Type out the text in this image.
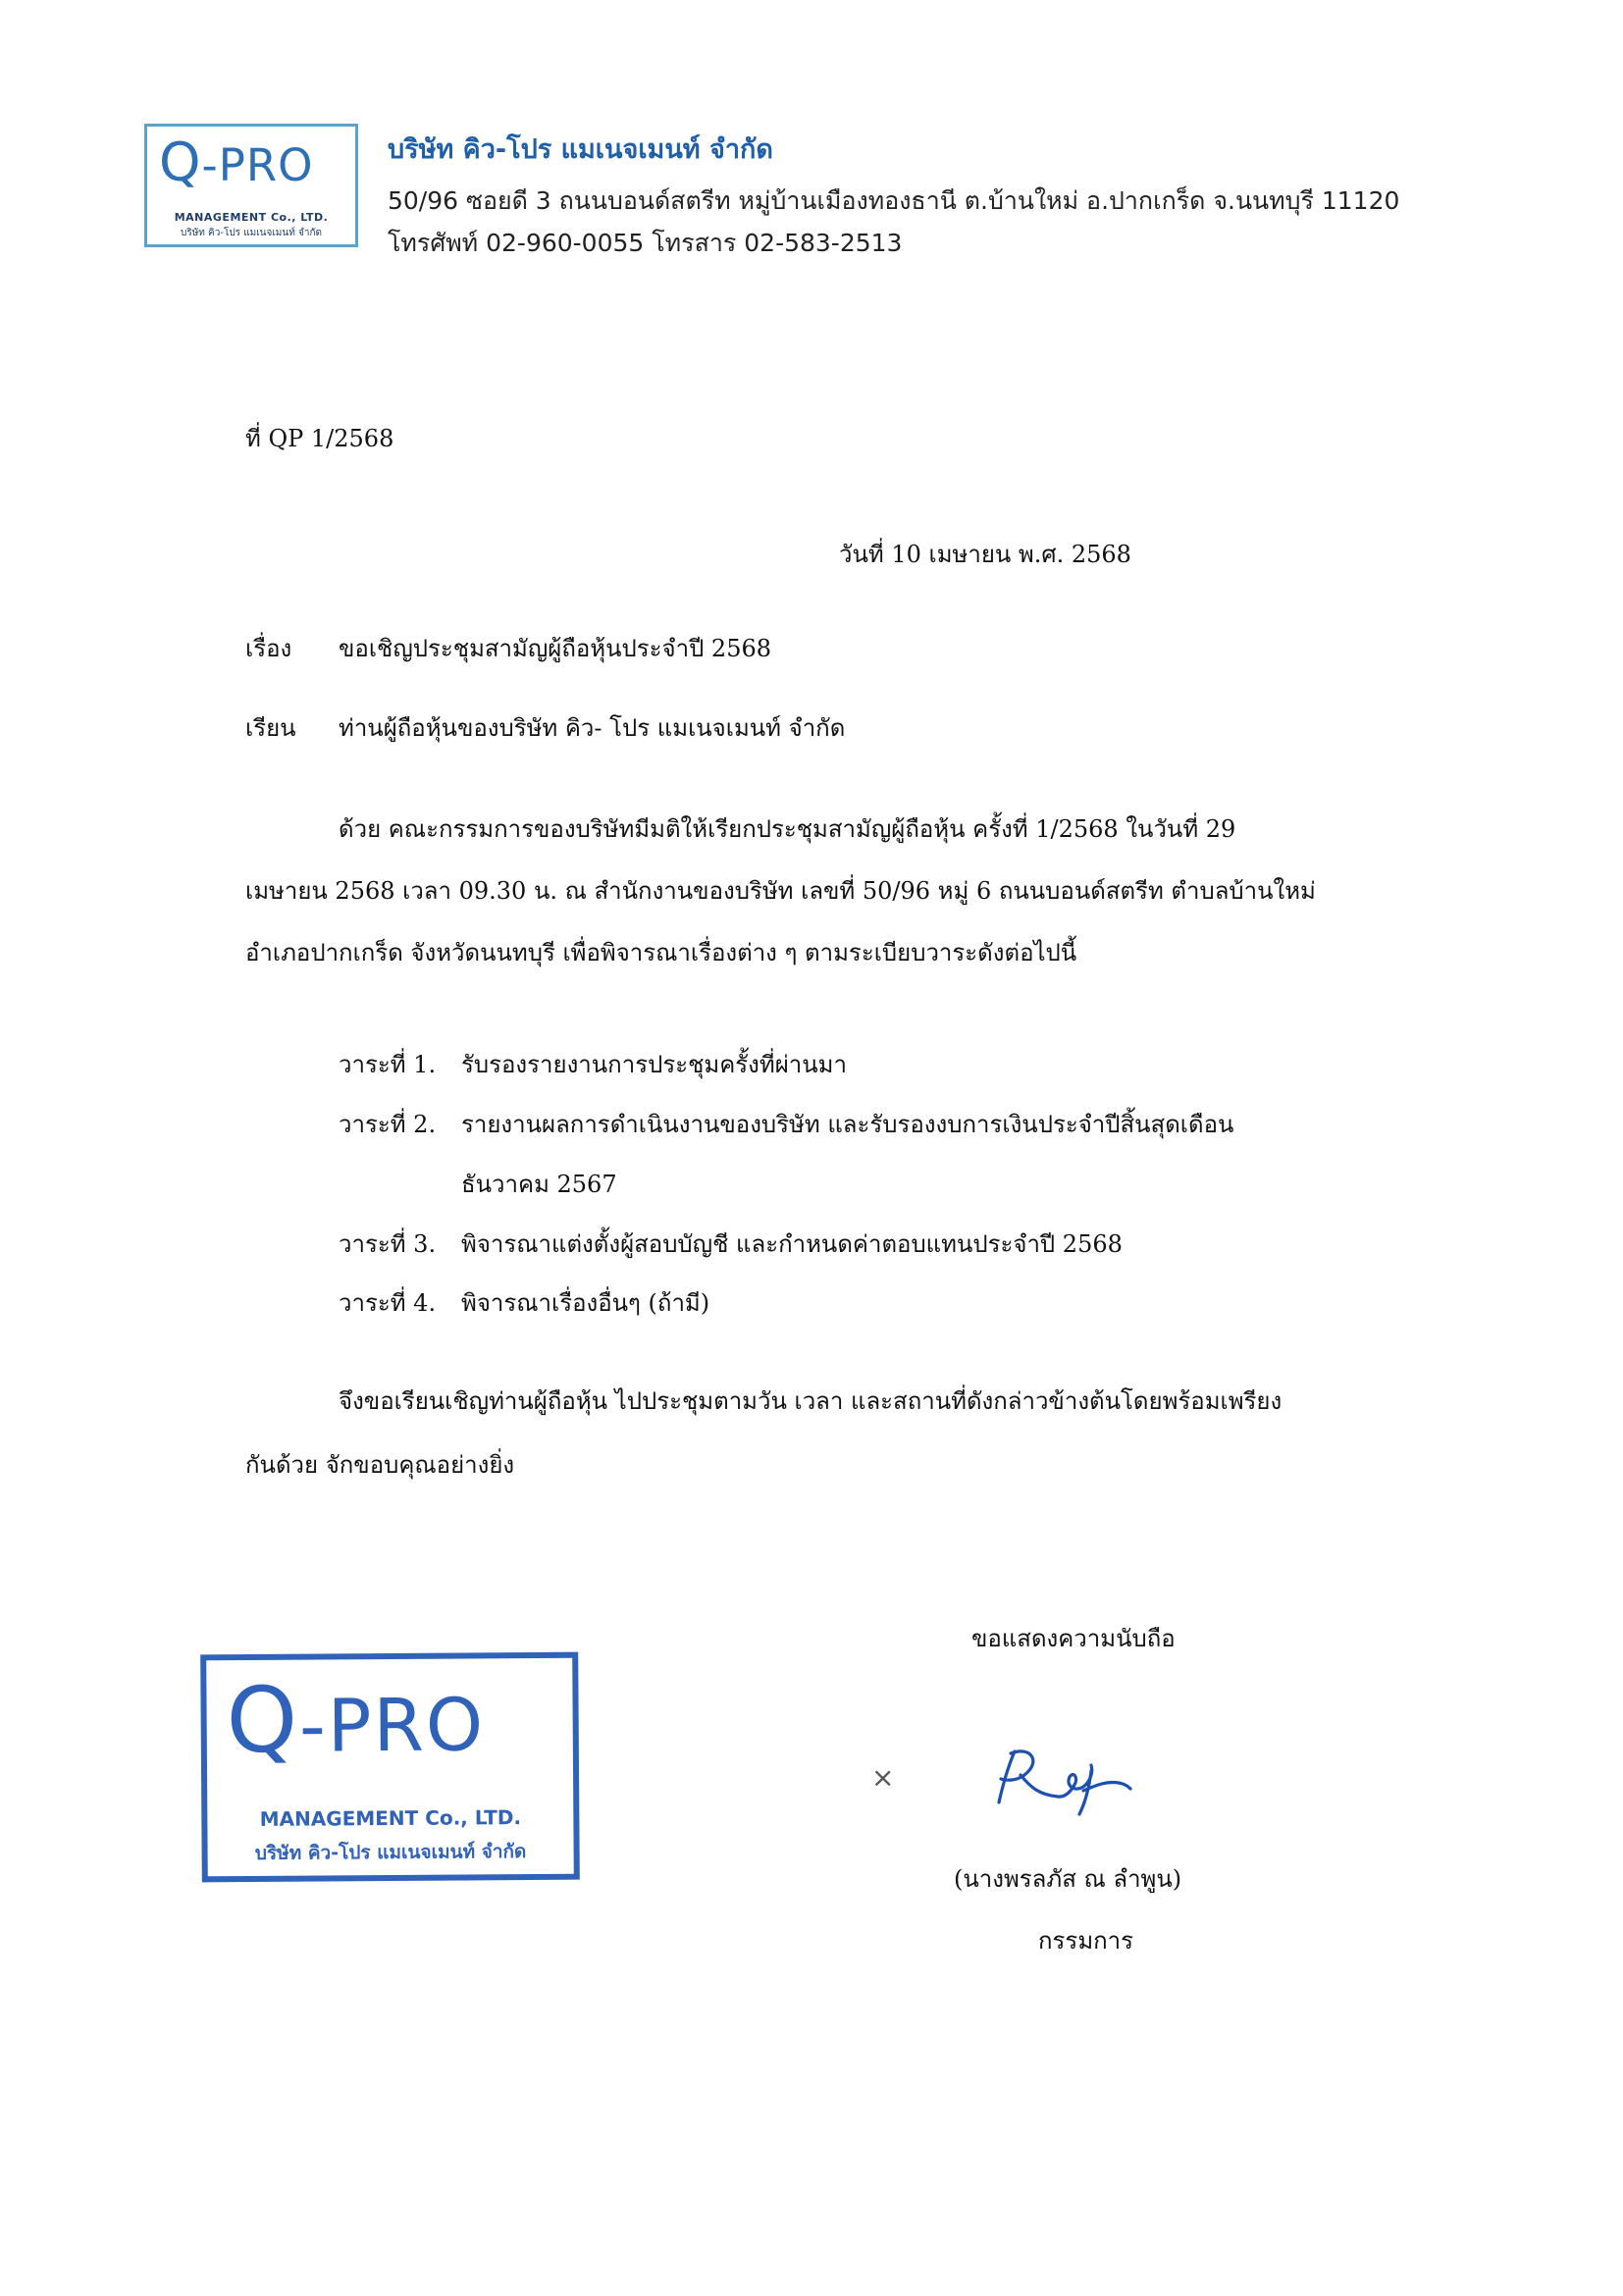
Q-PRO
MANAGEMENT Co., LTD.
บริษัท คิว-โปร แมเนจเมนท์ จำกัด
บริษัท คิว-โปร แมเนจเมนท์ จำกัด
50/96 ซอยดี 3 ถนนบอนด์สตรีท หมู่บ้านเมืองทองธานี ต.บ้านใหม่ อ.ปากเกร็ด จ.นนทบุรี 11120
โทรศัพท์ 02-960-0055 โทรสาร 02-583-2513
ที่ QP 1/2568
วันที่ 10 เมษายน พ.ศ. 2568
เรื่อง ขอเชิญประชุมสามัญผู้ถือหุ้นประจำปี 2568
เรียน ท่านผู้ถือหุ้นของบริษัท คิว- โปร แมเนจเมนท์ จำกัด
ด้วย คณะกรรมการของบริษัทมีมติให้เรียกประชุมสามัญผู้ถือหุ้น ครั้งที่ 1/2568 ในวันที่ 29
เมษายน 2568 เวลา 09.30 น. ณ สำนักงานของบริษัท เลขที่ 50/96 หมู่ 6 ถนนบอนด์สตรีท ตำบลบ้านใหม่
อำเภอปากเกร็ด จังหวัดนนทบุรี เพื่อพิจารณาเรื่องต่าง ๆ ตามระเบียบวาระดังต่อไปนี้
วาระที่ 1. รับรองรายงานการประชุมครั้งที่ผ่านมา
วาระที่ 2. รายงานผลการดำเนินงานของบริษัท และรับรองงบการเงินประจำปีสิ้นสุดเดือน
ธันวาคม 2567
วาระที่ 3. พิจารณาแต่งตั้งผู้สอบบัญชี และกำหนดค่าตอบแทนประจำปี 2568
วาระที่ 4. พิจารณาเรื่องอื่นๆ (ถ้ามี)
จึงขอเรียนเชิญท่านผู้ถือหุ้น ไปประชุมตามวัน เวลา และสถานที่ดังกล่าวข้างต้นโดยพร้อมเพรียง
กันด้วย จักขอบคุณอย่างยิ่ง
ขอแสดงความนับถือ
Q-PRO
MANAGEMENT Co., LTD.
บริษัท คิว-โปร แมเนจเมนท์ จำกัด
×
(นางพรลภัส ณ ลำพูน)
กรรมการ
